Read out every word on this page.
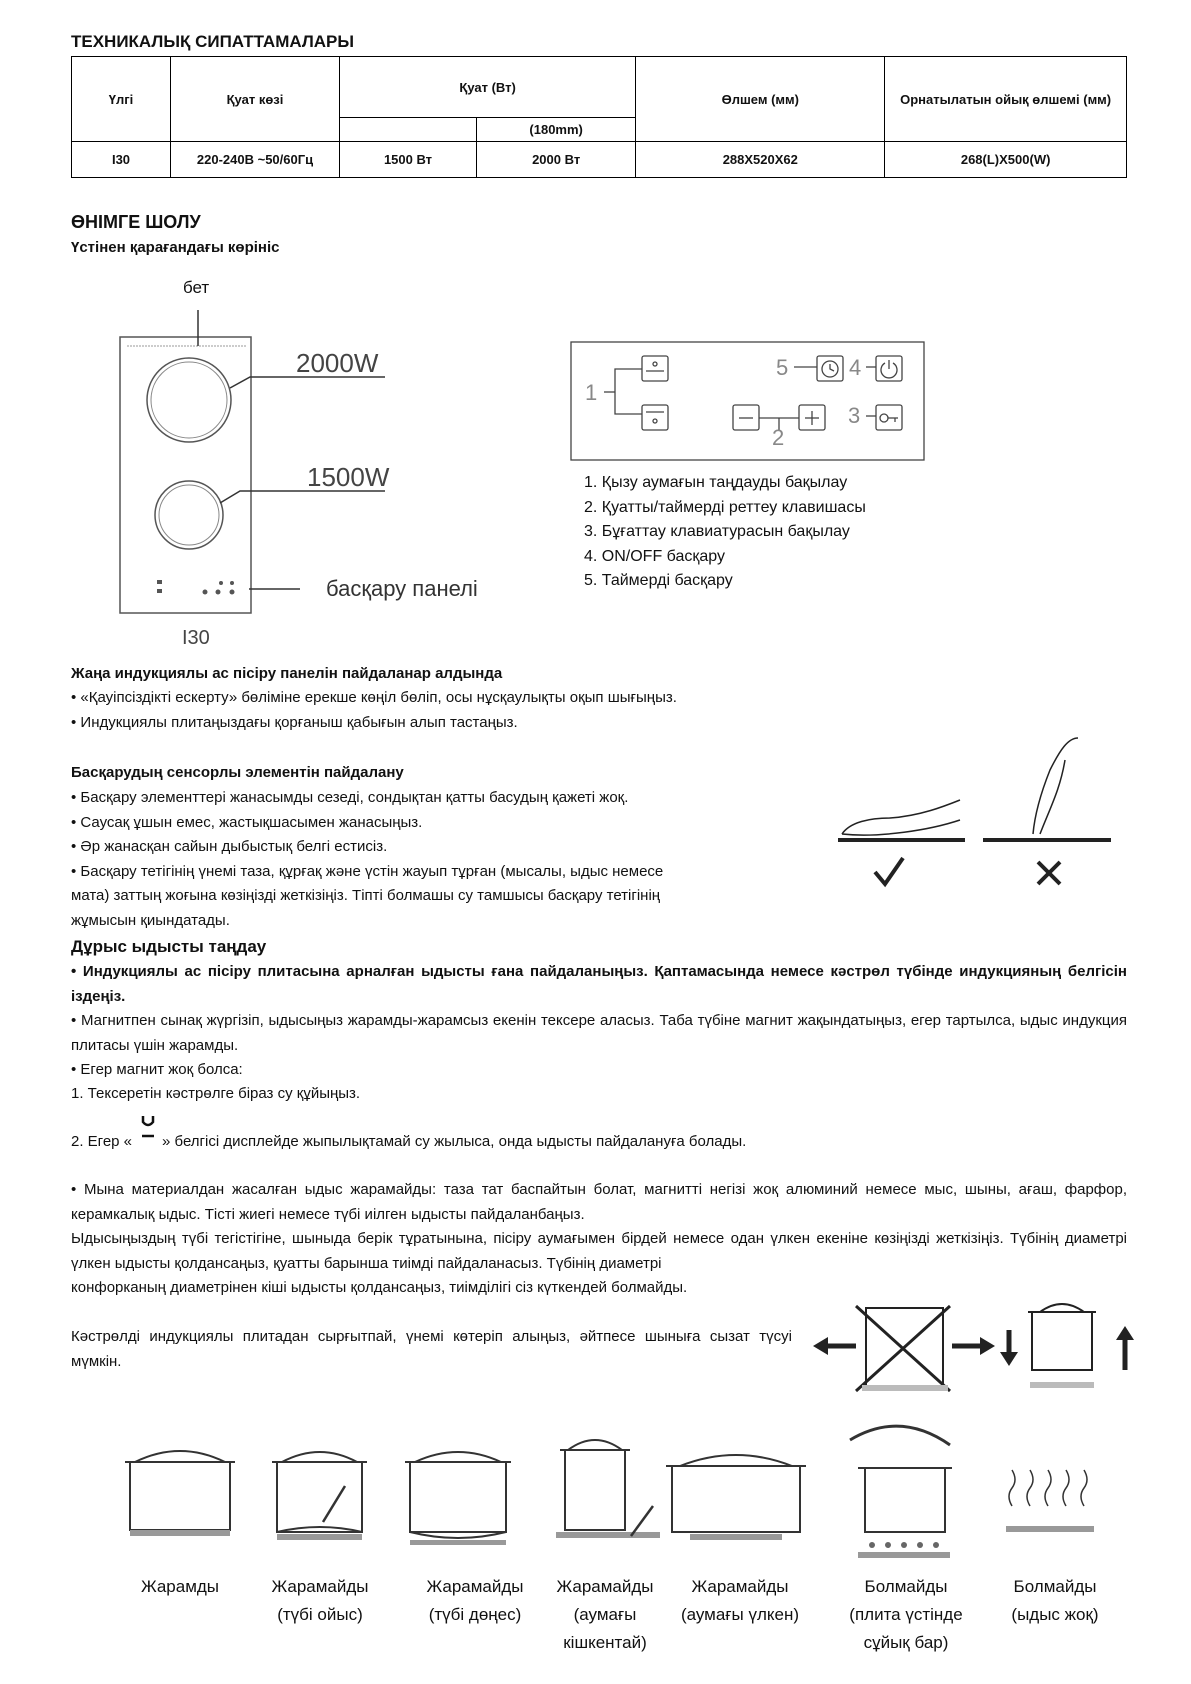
ТЕХНИКАЛЫҚ СИПАТТАМАЛАРЫ
Үлгі	Қуат көзі	Қуат (Вт)		Өлшем (мм)	Орнатылатын ойық өлшемі (мм)
			(180mm)		
I30	220-240В ~50/60Гц	1500 Вт	2000 Вт	288X520X62	268(L)X500(W)
ӨНІМГЕ ШОЛУ
Үстінен қарағандағы көрініс
бет
2000W
1500W
басқару панелі
I30
1
2
3
4
5
1. Қызу аумағын таңдауды бақылау
2. Қуатты/таймерді реттеу клавишасы
3. Бұғаттау клавиатурасын бақылау
4. ON/OFF басқару
5. Таймерді басқару
Жаңа индукциялы ас пісіру панелін пайдаланар алдында
• «Қауіпсіздікті ескерту» бөліміне ерекше көңіл бөліп, осы нұсқаулықты оқып шығыңыз.
• Индукциялы плитаңыздағы қорғаныш қабығын алып тастаңыз.
Басқарудың сенсорлы элементін пайдалану
• Басқару элементтері жанасымды сезеді, сондықтан қатты басудың қажеті жоқ.
• Саусақ ұшын емес, жастықшасымен жанасыңыз.
• Әр жанасқан сайын дыбыстық белгі естисіз.
• Басқару тетігінің үнемі таза, құрғақ және үстін жауып тұрған (мысалы, ыдыс немесе
мата) заттың жоғына көзіңізді жеткізіңіз. Тіпті болмашы су тамшысы басқару тетігінің
жұмысын қиындатады.
Дұрыс ыдысты таңдау
• Индукциялы ас пісіру плитасына арналған ыдысты ғана пайдаланыңыз. Қаптамасында немесе кәстрөл түбінде индукцияның белгісін іздеңіз.
• Магнитпен сынақ жүргізіп, ыдысыңыз жарамды-жарамсыз екенін тексере аласыз. Таба түбіне магнит жақындатыңыз, егер тартылса, ыдыс индукция плитасы үшін жарамды.
• Егер магнит жоқ болса:
1. Тексеретін кәстрөлге біраз су құйыңыз.
2. Егер « » белгісі дисплейде жыпылықтамай су жылыса, онда ыдысты пайдалануға болады.
• Мына материалдан жасалған ыдыс жарамайды: таза тат баспайтын болат, магнитті негізі жоқ алюминий немесе мыс, шыны, ағаш, фарфор, керамкалық ыдыс. Тісті жиегі немесе түбі иілген ыдысты пайдаланбаңыз.
Ыдысыңыздың түбі тегістігіне, шыныда берік тұратынына, пісіру аумағымен бірдей немесе одан үлкен екеніне көзіңізді жеткізіңіз. Түбінің диаметрі үлкен ыдысты қолдансаңыз, қуатты барынша тиімді пайдаланасыз. Түбінің диаметрі
конфорканың диаметрінен кіші ыдысты қолдансаңыз, тиімділігі сіз күткендей болмайды.
Кәстрөлді индукциялы плитадан сырғытпай, үнемі көтеріп алыңыз, әйтпесе шыныға сызат түсуі мүмкін.
Жарамды	Жарамайды
(түбі ойыс)
Жарамайды
(түбі дөңес)
Жарамайды
(аумағы кішкентай)
Жарамайды
(аумағы үлкен)
Болмайды
(плита үстінде сұйық бар)
Болмайды
(ыдыс жоқ)
